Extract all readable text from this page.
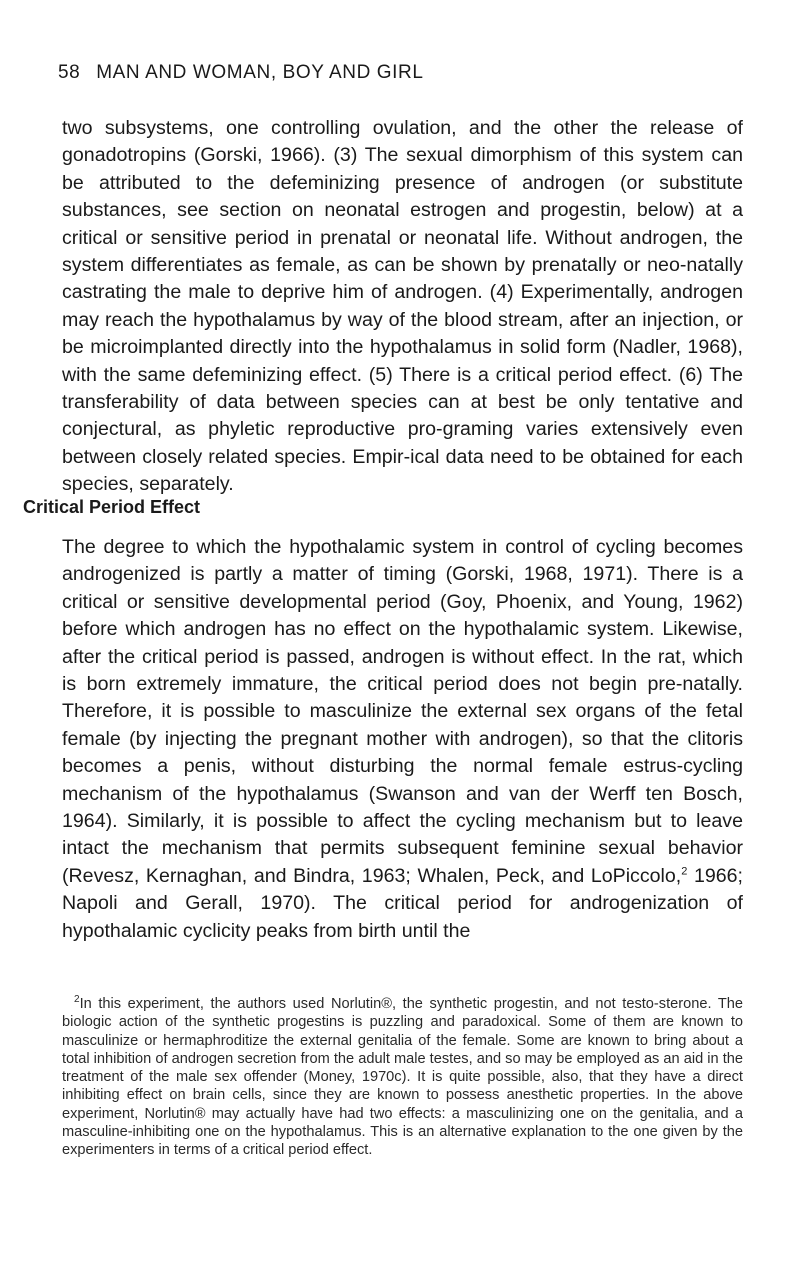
58 MAN AND WOMAN, BOY AND GIRL

two subsystems, one controlling ovulation, and the other the release of gonadotropins (Gorski, 1966). (3) The sexual dimorphism of this system can be attributed to the defeminizing presence of androgen (or substitute substances, see section on neonatal estrogen and progestin, below) at a critical or sensitive period in prenatal or neonatal life. Without androgen, the system differentiates as female, as can be shown by prenatally or neo-natally castrating the male to deprive him of androgen. (4) Experimentally, androgen may reach the hypothalamus by way of the blood stream, after an injection, or be microimplanted directly into the hypothalamus in solid form (Nadler, 1968), with the same defeminizing effect. (5) There is a critical period effect. (6) The transferability of data between species can at best be only tentative and conjectural, as phyletic reproductive pro-graming varies extensively even between closely related species. Empir-ical data need to be obtained for each species, separately.

Critical Period Effect

The degree to which the hypothalamic system in control of cycling becomes androgenized is partly a matter of timing (Gorski, 1968, 1971). There is a critical or sensitive developmental period (Goy, Phoenix, and Young, 1962) before which androgen has no effect on the hypothalamic system. Likewise, after the critical period is passed, androgen is without effect. In the rat, which is born extremely immature, the critical period does not begin pre-natally. Therefore, it is possible to masculinize the external sex organs of the fetal female (by injecting the pregnant mother with androgen), so that the clitoris becomes a penis, without disturbing the normal female estrus-cycling mechanism of the hypothalamus (Swanson and van der Werff ten Bosch, 1964). Similarly, it is possible to affect the cycling mechanism but to leave intact the mechanism that permits subsequent feminine sexual behavior (Revesz, Kernaghan, and Bindra, 1963; Whalen, Peck, and LoPiccolo,$^2$ 1966; Napoli and Gerall, 1970). The critical period for androgenization of hypothalamic cyclicity peaks from birth until the

$^2$In this experiment, the authors used Norlutin®, the synthetic progestin, and not testo-sterone. The biologic action of the synthetic progestins is puzzling and paradoxical. Some of them are known to masculinize or hermaphroditize the external genitalia of the female. Some are known to bring about a total inhibition of androgen secretion from the adult male testes, and so may be employed as an aid in the treatment of the male sex offender (Money, 1970c). It is quite possible, also, that they have a direct inhibiting effect on brain cells, since they are known to possess anesthetic properties. In the above experiment, Norlutin® may actually have had two effects: a masculinizing one on the genitalia, and a masculine-inhibiting one on the hypothalamus. This is an alternative explanation to the one given by the experimenters in terms of a critical period effect.
